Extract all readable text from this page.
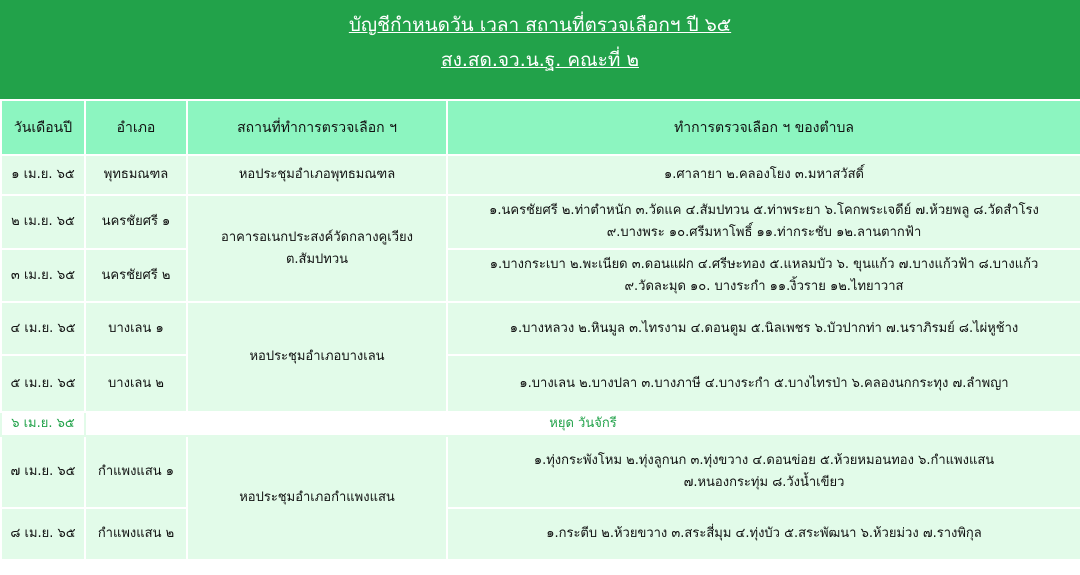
บัญชีกำหนดวัน เวลา สถานที่ตรวจเลือกฯ ปี ๖๕
สง.สด.จว.น.ฐ. คณะที่ ๒
วันเดือนปี	อำเภอ	สถานที่ทำการตรวจเลือก ฯ	ทำการตรวจเลือก ฯ ของตำบล
๑ เม.ย. ๖๕	พุทธมณฑล	หอประชุมอำเภอพุทธมณฑล	๑.ศาลายา ๒.คลองโยง ๓.มหาสวัสดิ์

๒ เม.ย. ๖๕	นครชัยศรี ๑	อาคารอเนกประสงค์วัดกลางคูเวียง ต.สัมปทวน	๑.นครชัยศรี ๒.ท่าตำหนัก ๓.วัดแค ๔.สัมปทวน ๕.ท่าพระยา ๖.โคกพระเจดีย์ ๗.ห้วยพลู ๘.วัดสำโรง
๙.บางพระ ๑๐.ศรีมหาโพธิ์ ๑๑.ท่ากระชับ ๑๒.ลานตากฟ้า

๓ เม.ย. ๖๕	นครชัยศรี ๒		๑.บางกระเบา ๒.พะเนียด ๓.ดอนแฝก ๔.ศรีษะทอง ๕.แหลมบัว ๖. ขุนแก้ว ๗.บางแก้วฟ้า ๘.บางแก้ว
๙.วัดละมุด ๑๐. บางระกำ ๑๑.งิ้วราย ๑๒.ไทยาวาส

๔ เม.ย. ๖๕	บางเลน ๑	หอประชุมอำเภอบางเลน	๑.บางหลวง ๒.หินมูล ๓.ไทรงาม ๔.ดอนตูม ๕.นิลเพชร ๖.บัวปากท่า ๗.นราภิรมย์ ๘.ไผ่หูช้าง

๕ เม.ย. ๖๕	บางเลน ๒		๑.บางเลน ๒.บางปลา ๓.บางภาษี ๔.บางระกำ ๕.บางไทรป่า ๖.คลองนกกระทุง ๗.ลำพญา

๖ เม.ย. ๖๕	หยุด วันจักรี		
๗ เม.ย. ๖๕	กำแพงแสน ๑	หอประชุมอำเภอกำแพงแสน	๑.ทุ่งกระพังโหม ๒.ทุ่งลูกนก ๓.ทุ่งขวาง ๔.ดอนข่อย ๕.ห้วยหมอนทอง ๖.กำแพงแสน
๗.หนองกระทุ่ม ๘.วังน้ำเขียว

๘ เม.ย. ๖๕	กำแพงแสน ๒		๑.กระตีบ ๒.ห้วยขวาง ๓.สระสี่มุม ๔.ทุ่งบัว ๕.สระพัฒนา ๖.ห้วยม่วง ๗.รางพิกุล
